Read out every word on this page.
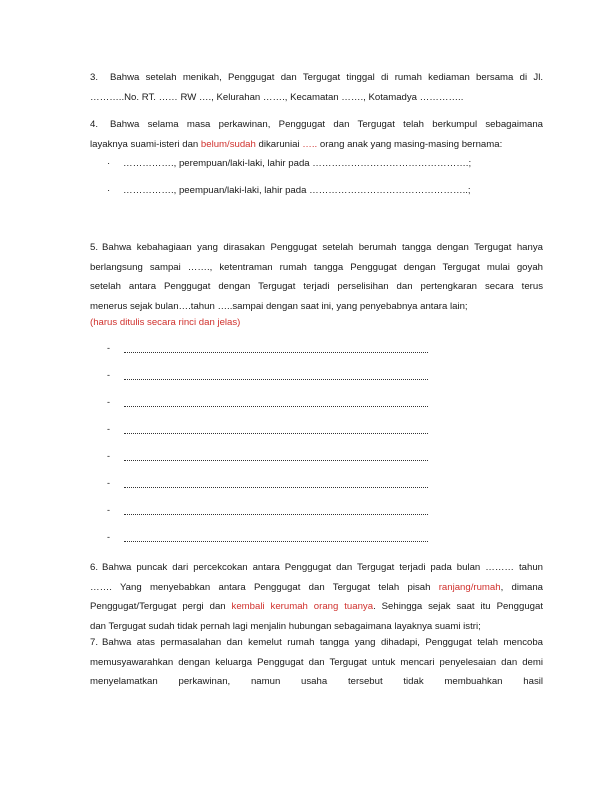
3. Bahwa setelah menikah, Penggugat dan Tergugat tinggal di rumah kediaman bersama di Jl.

………..No. RT. …… RW …., Kelurahan ……., Kecamatan ……., Kotamadya …………..

4. Bahwa selama masa perkawinan, Penggugat dan Tergugat telah berkumpul sebagaimana

layaknya suami-isteri dan belum/sudah dikaruniai ….. orang anak yang masing-masing bernama:

· ……………., perempuan/laki-laki, lahir pada ………………………………………….;
· ……………., peempuan/laki-laki, lahir pada …………………………………………..;

5. Bahwa kebahagiaan yang dirasakan Penggugat setelah berumah tangga dengan Tergugat hanya

berlangsung sampai ……., ketentraman rumah tangga Penggugat dengan Tergugat mulai goyah

setelah antara Penggugat dengan Tergugat terjadi perselisihan dan pertengkaran secara terus

menerus sejak bulan….tahun …..sampai dengan saat ini, yang penyebabnya antara lain;

(harus ditulis secara rinci dan jelas)
-
-
-
-
-
-
-
-

6. Bahwa puncak dari percekcokan antara Penggugat dan Tergugat terjadi pada bulan ……… tahun

……. Yang menyebabkan antara Penggugat dan Tergugat telah pisah ranjang/rumah, dimana

Penggugat/Tergugat pergi dan kembali kerumah orang tuanya. Sehingga sejak saat itu Penggugat

dan Tergugat sudah tidak pernah lagi menjalin hubungan sebagaimana layaknya suami istri;

7. Bahwa atas permasalahan dan kemelut rumah tangga yang dihadapi, Penggugat telah mencoba

memusyawarahkan dengan keluarga Penggugat dan Tergugat untuk mencari penyelesaian dan demi

menyelamatkan perkawinan, namun usaha tersebut tidak membuahkan hasil
